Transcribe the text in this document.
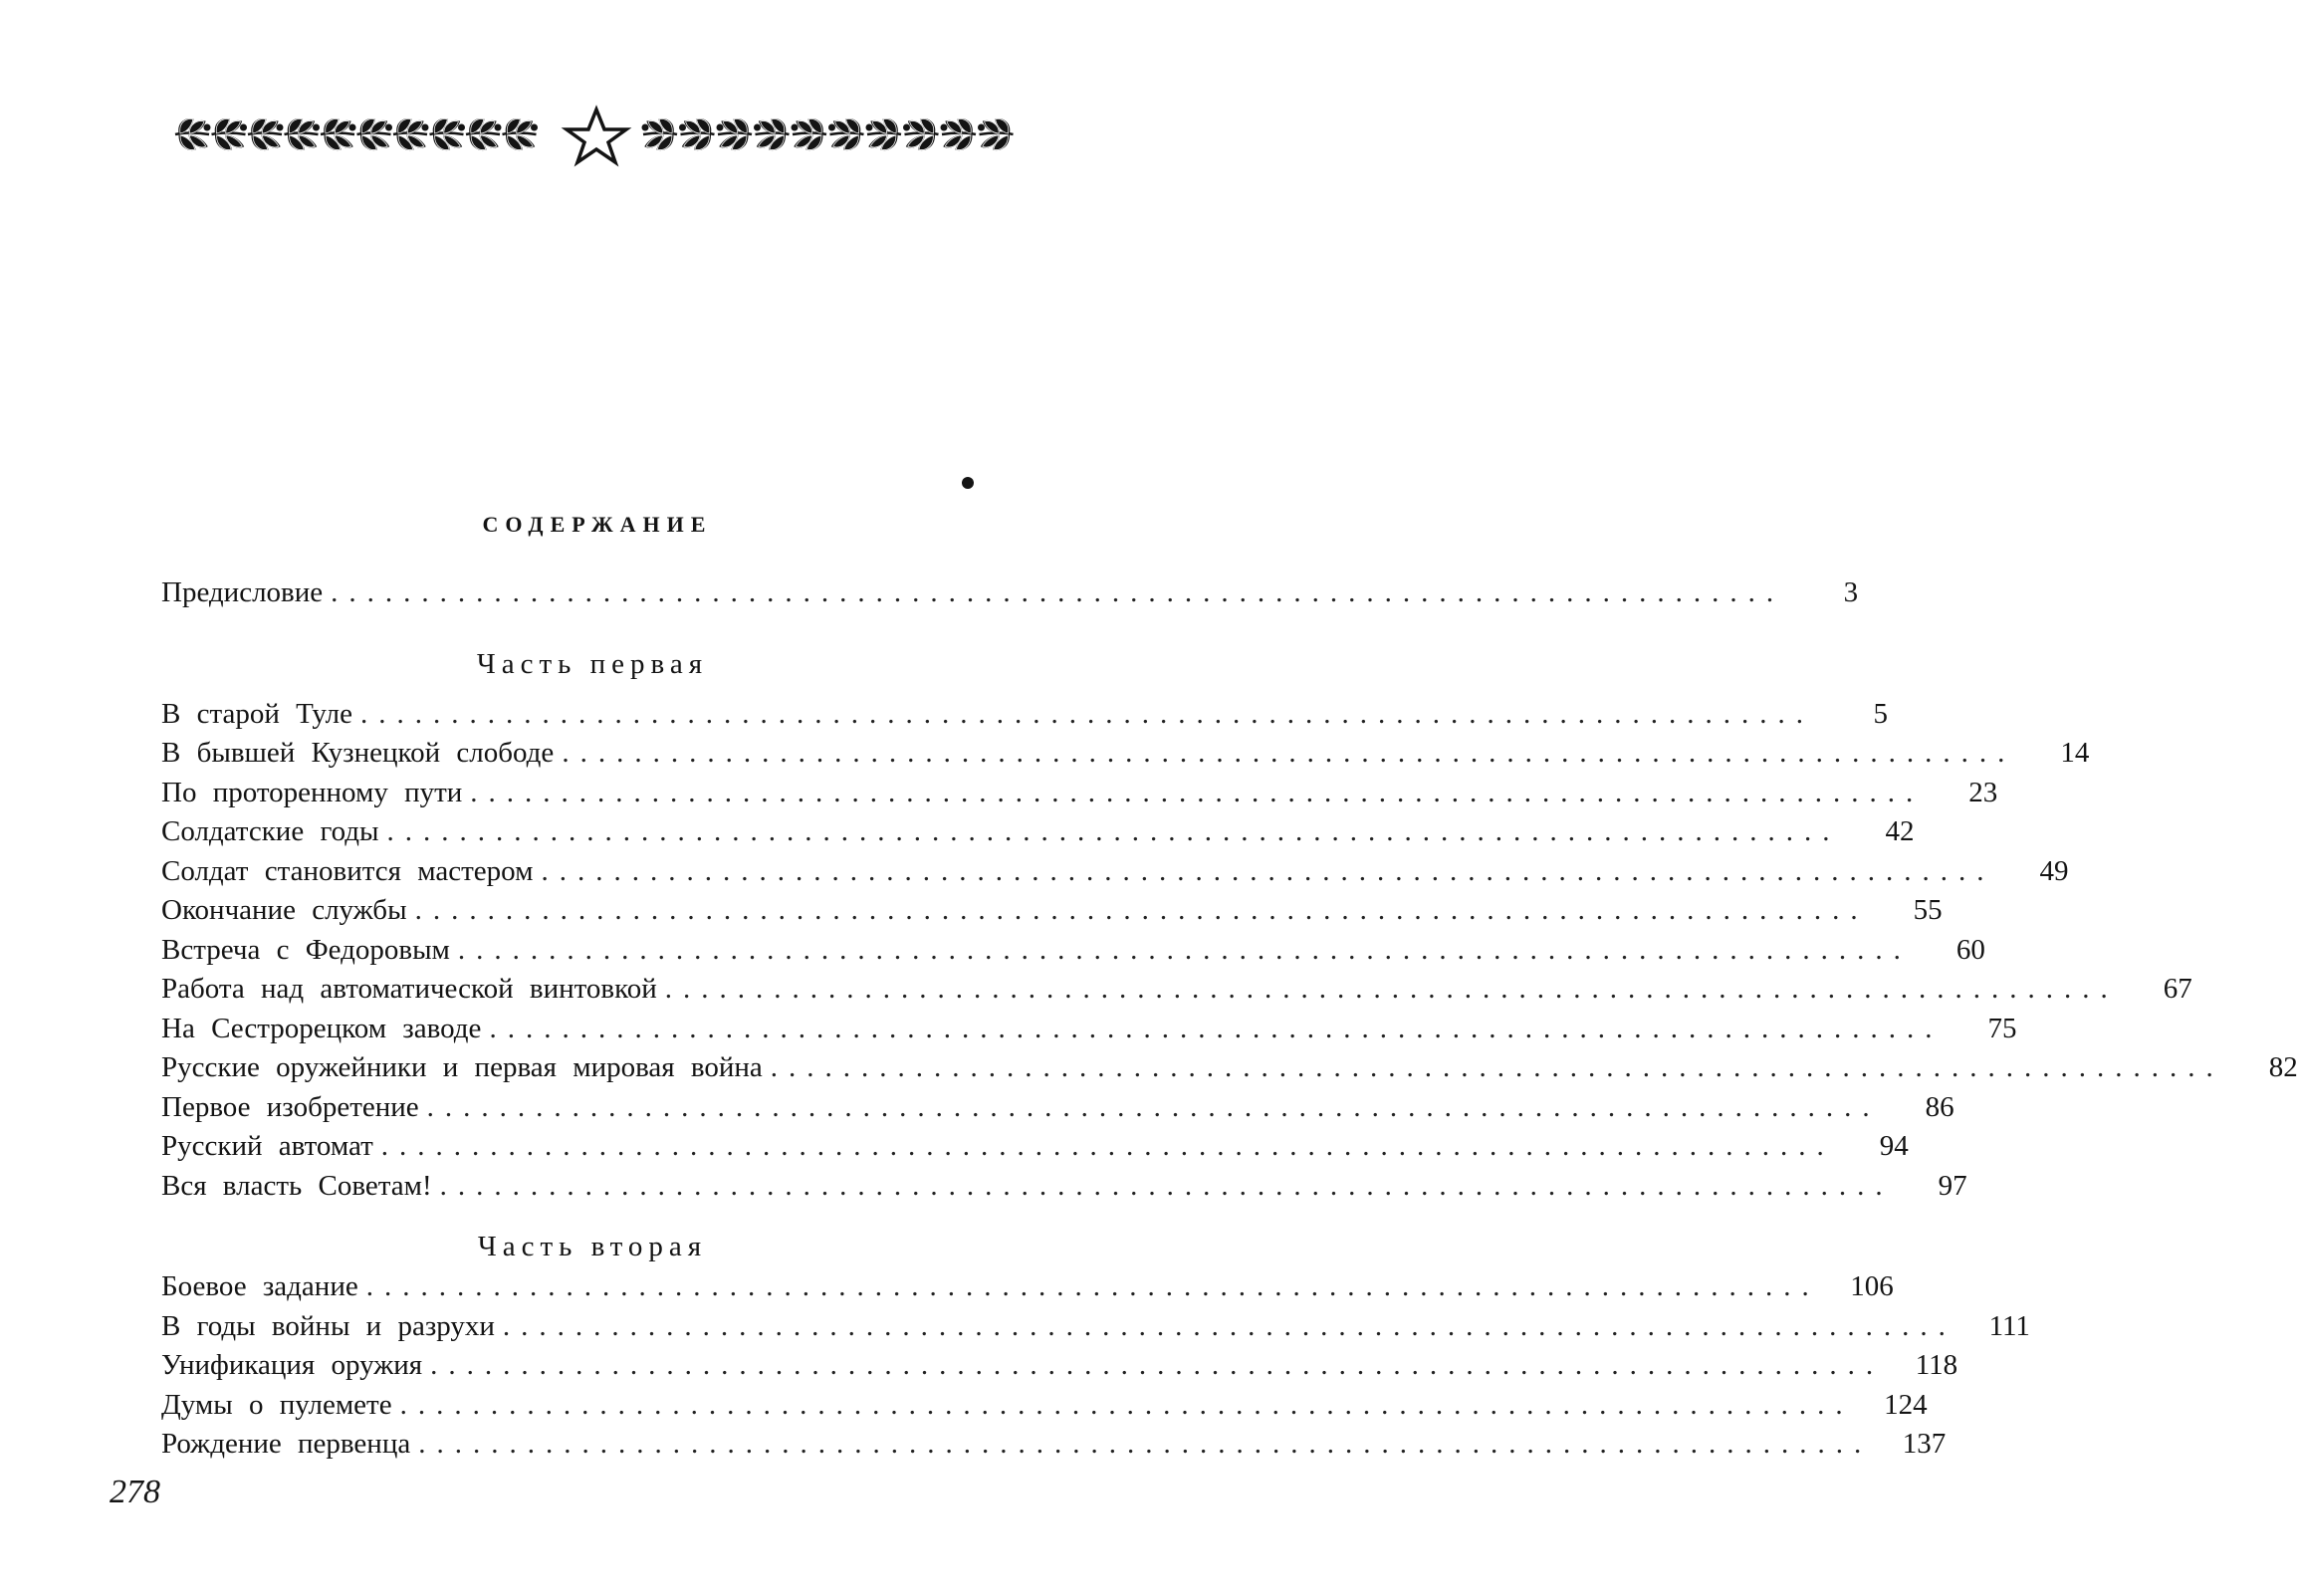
СОДЕРЖАНИЕ
Предисловие ................................................................................	3
Часть первая
В старой Туле ................................................................................	5
В бывшей Кузнецкой слободе ................................................................................	14
По проторенному пути ................................................................................	23
Солдатские годы ................................................................................	42
Солдат становится мастером ................................................................................	49
Окончание службы ................................................................................	55
Встреча с Федоровым ................................................................................	60
Работа над автоматической винтовкой ................................................................................	67
На Сестрорецком заводе ................................................................................	75
Русские оружейники и первая мировая война ................................................................................	82
Первое изобретение ................................................................................	86
Русский автомат ................................................................................	94
Вся власть Советам! ................................................................................	97
Часть вторая
Боевое задание ................................................................................	106
В годы войны и разрухи ................................................................................	111
Унификация оружия ................................................................................	118
Думы о пулемете ................................................................................	124
Рождение первенца ................................................................................	137
278
